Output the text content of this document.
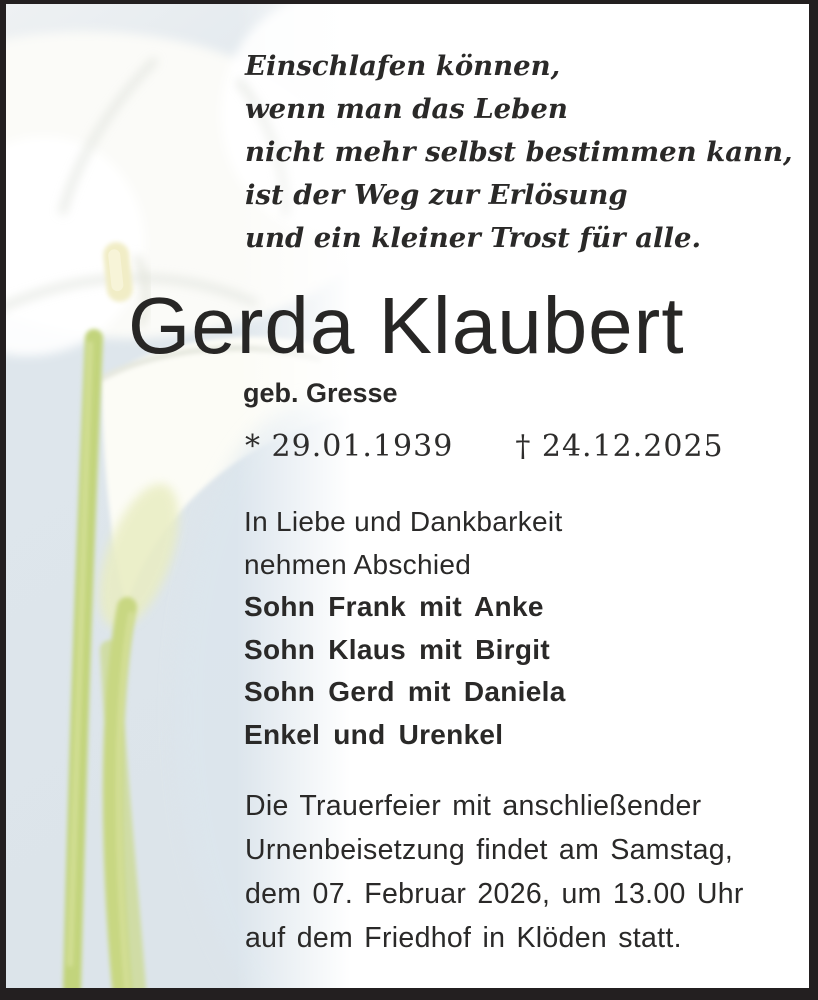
Einschlafen können,
wenn man das Leben
nicht mehr selbst bestimmen kann,
ist der Weg zur Erlösung
und ein kleiner Trost für alle.
Gerda Klaubert
geb. Gresse
* 29.01.1939 † 24.12.2025
In Liebe und Dankbarkeit
nehmen Abschied
Sohn Frank mit Anke
Sohn Klaus mit Birgit
Sohn Gerd mit Daniela
Enkel und Urenkel
Die Trauerfeier mit anschließender
Urnenbeisetzung findet am Samstag,
dem 07. Februar 2026, um 13.00 Uhr
auf dem Friedhof in Klöden statt.
